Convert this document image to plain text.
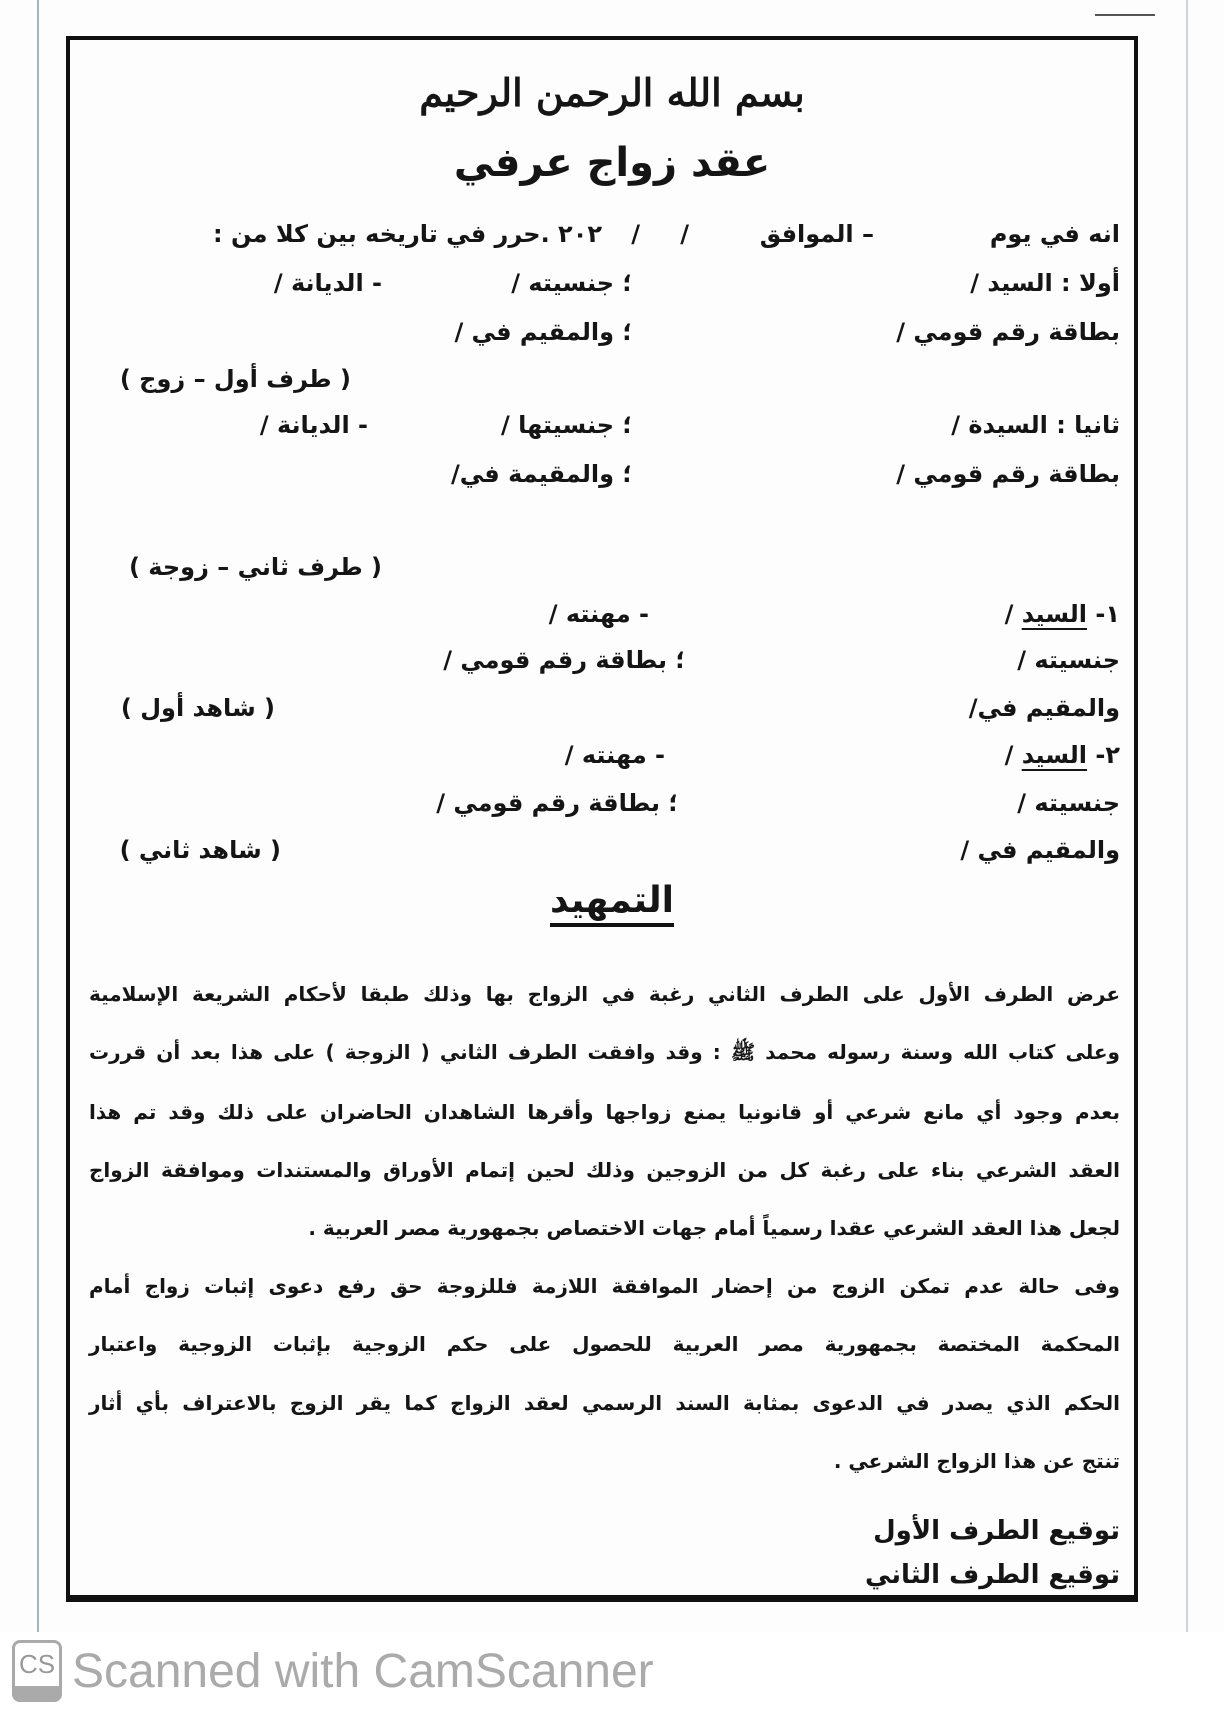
بسم الله الرحمن الرحيم
عقد زواج عرفي
انه في يوم
– الموافق
/
/
٢٠٢ .حرر في تاريخه بين كلا من :
أولا : السيد /
؛ جنسيته /
- الديانة /
بطاقة رقم قومي /
؛ والمقيم في /
( طرف أول – زوج )
ثانيا : السيدة /
؛ جنسيتها /
- الديانة /
بطاقة رقم قومي /
؛ والمقيمة في/
( طرف ثاني – زوجة )
١- السيد /
- مهنته /
جنسيته /
؛ بطاقة رقم قومي /
والمقيم في/
( شاهد أول )
٢- السيد /
- مهنته /
جنسيته /
؛ بطاقة رقم قومي /
والمقيم في /
( شاهد ثاني )
التمهيد
عرض الطرف الأول على الطرف الثاني رغبة في الزواج بها وذلك طبقا لأحكام الشريعة الإسلامية
وعلى كتاب الله وسنة رسوله محمد ﷺ : وقد وافقت الطرف الثاني ( الزوجة ) على هذا بعد أن قررت
بعدم وجود أي مانع شرعي أو قانونيا يمنع زواجها وأقرها الشاهدان الحاضران على ذلك وقد تم هذا
العقد الشرعي بناء على رغبة كل من الزوجين وذلك لحين إتمام الأوراق والمستندات وموافقة الزواج
لجعل هذا العقد الشرعي عقدا رسمياً أمام جهات الاختصاص بجمهورية مصر العربية .
وفى حالة عدم تمكن الزوج من إحضار الموافقة اللازمة فللزوجة حق رفع دعوى إثبات زواج أمام
المحكمة المختصة بجمهورية مصر العربية للحصول على حكم الزوجية بإثبات الزوجية واعتبار
الحكم الذي يصدر في الدعوى بمثابة السند الرسمي لعقد الزواج كما يقر الزوج بالاعتراف بأي أثار
تنتج عن هذا الزواج الشرعي .
توقيع الطرف الأول
توقيع الطرف الثاني
CS Scanned with CamScanner
